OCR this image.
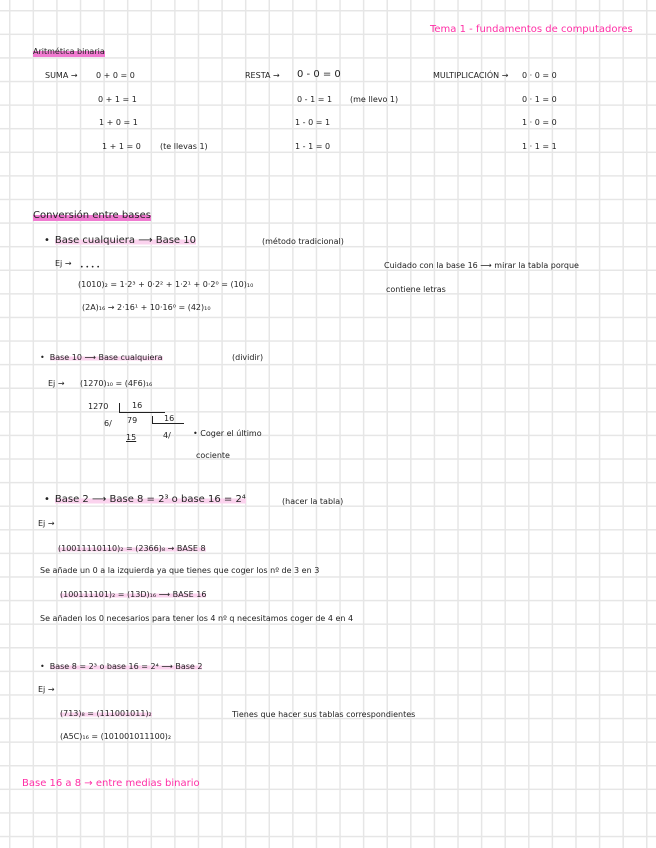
Tema 1 - fundamentos de computadores
Aritmética binaria
SUMA → 0 + 0 = 0
0 + 1 = 1
1 + 0 = 1
1 + 1 = 0 (te llevas 1)
RESTA → 0 - 0 = 0
0 - 1 = 1 (me llevo 1)
1 - 0 = 1
1 - 1 = 0
MULTIPLICACIÓN → 0 · 0 = 0
0 · 1 = 0
1 · 0 = 0
1 · 1 = 1
Conversión entre bases
• Base cualquiera ⟶ Base 10	(método tradicional)
Ej → • • • •
(1010)₂ = 1·2³ + 0·2² + 1·2¹ + 0·2⁰ = (10)₁₀
(2A)₁₆ → 2·16¹ + 10·16⁰ = (42)₁₀
Cuidado con la base 16 ⟶ mirar la tabla porque
contiene letras
• Base 10 ⟶ Base cualquiera	(dividir)
Ej → (1270)₁₀ = (4F6)₁₆
1270	16
6/ 79	16
15	4/	• Coger el último
cociente
• Base 2 ⟶ Base 8 = 2³ o base 16 = 2⁴	(hacer la tabla)
Ej →
(10011110110)₂ = (2366)₈ → BASE 8
Se añade un 0 a la izquierda ya que tienes que coger los nº de 3 en 3
(100111101)₂ = (13D)₁₆ ⟶ BASE 16
Se añaden los 0 necesarios para tener los 4 nº q necesitamos coger de 4 en 4
• Base 8 = 2³ o base 16 = 2⁴ ⟶ Base 2
Ej →
(713)₈ = (111001011)₂	Tienes que hacer sus tablas correspondientes
(A5C)₁₆ = (101001011100)₂
Base 16 a 8 → entre medias binario
